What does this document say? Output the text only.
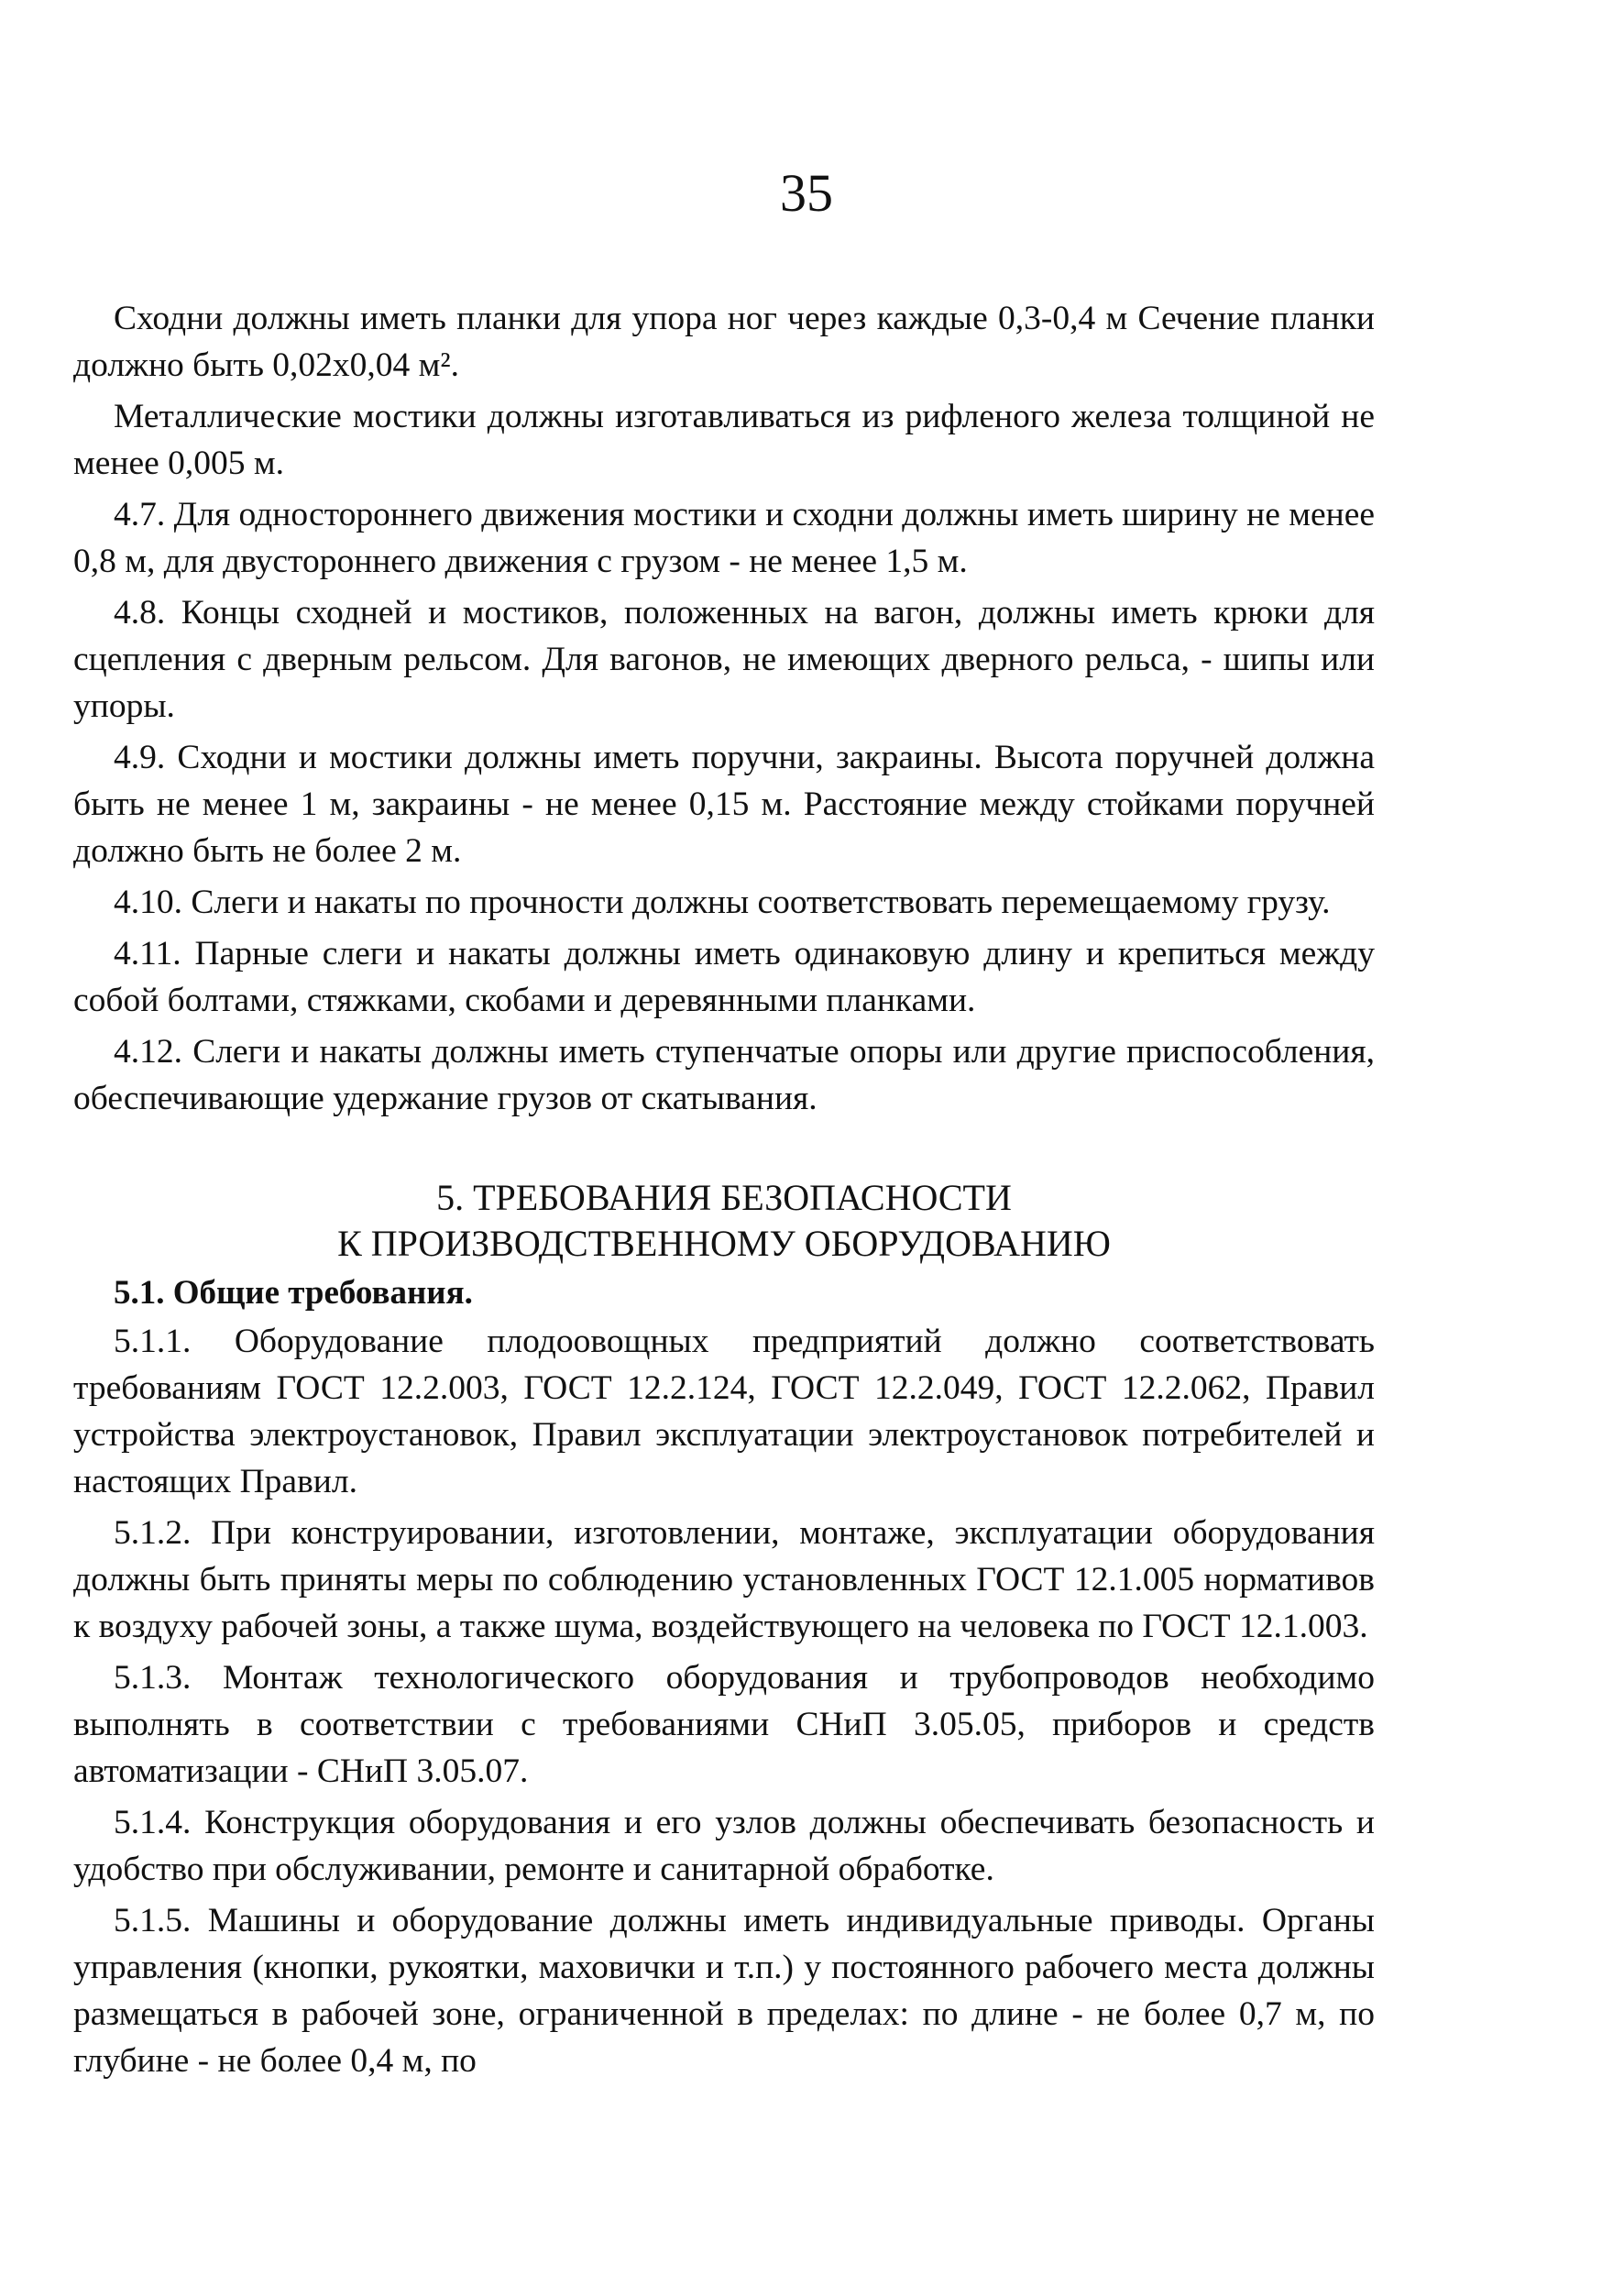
35

Сходни должны иметь планки для упора ног через каждые 0,3-0,4 м Сечение планки должно быть 0,02х0,04 м².

Металлические мостики должны изготавливаться из рифленого железа толщиной не менее 0,005 м.

4.7. Для одностороннего движения мостики и сходни должны иметь ширину не менее 0,8 м, для двустороннего движения с грузом - не менее 1,5 м.

4.8. Концы сходней и мостиков, положенных на вагон, должны иметь крюки для сцепления с дверным рельсом. Для вагонов, не имеющих дверного рельса, - шипы или упоры.

4.9. Сходни и мостики должны иметь поручни, закраины. Высота поручней должна быть не менее 1 м, закраины - не менее 0,15 м. Расстояние между стойками поручней должно быть не более 2 м.

4.10. Слеги и накаты по прочности должны соответствовать перемещаемому грузу.

4.11. Парные слеги и накаты должны иметь одинаковую длину и крепиться между собой болтами, стяжками, скобами и деревянными планками.

4.12. Слеги и накаты должны иметь ступенчатые опоры или другие приспособления, обеспечивающие удержание грузов от скатывания.

5. ТРЕБОВАНИЯ БЕЗОПАСНОСТИ
К ПРОИЗВОДСТВЕННОМУ ОБОРУДОВАНИЮ
5.1. Общие требования.

5.1.1. Оборудование плодоовощных предприятий должно соответствовать требованиям ГОСТ 12.2.003, ГОСТ 12.2.124, ГОСТ 12.2.049, ГОСТ 12.2.062, Правил устройства электроустановок, Правил эксплуатации электроустановок потребителей и настоящих Правил.

5.1.2. При конструировании, изготовлении, монтаже, эксплуатации оборудования должны быть приняты меры по соблюдению установленных ГОСТ 12.1.005 нормативов к воздуху рабочей зоны, а также шума, воздействующего на человека по ГОСТ 12.1.003.

5.1.3. Монтаж технологического оборудования и трубопроводов необходимо выполнять в соответствии с требованиями СНиП 3.05.05, приборов и средств автоматизации - СНиП 3.05.07.

5.1.4. Конструкция оборудования и его узлов должны обеспечивать безопасность и удобство при обслуживании, ремонте и санитарной обработке.

5.1.5. Машины и оборудование должны иметь индивидуальные приводы. Органы управления (кнопки, рукоятки, маховички и т.п.) у постоянного рабочего места должны размещаться в рабочей зоне, ограниченной в пределах: по длине - не более 0,7 м, по глубине - не более 0,4 м, по
